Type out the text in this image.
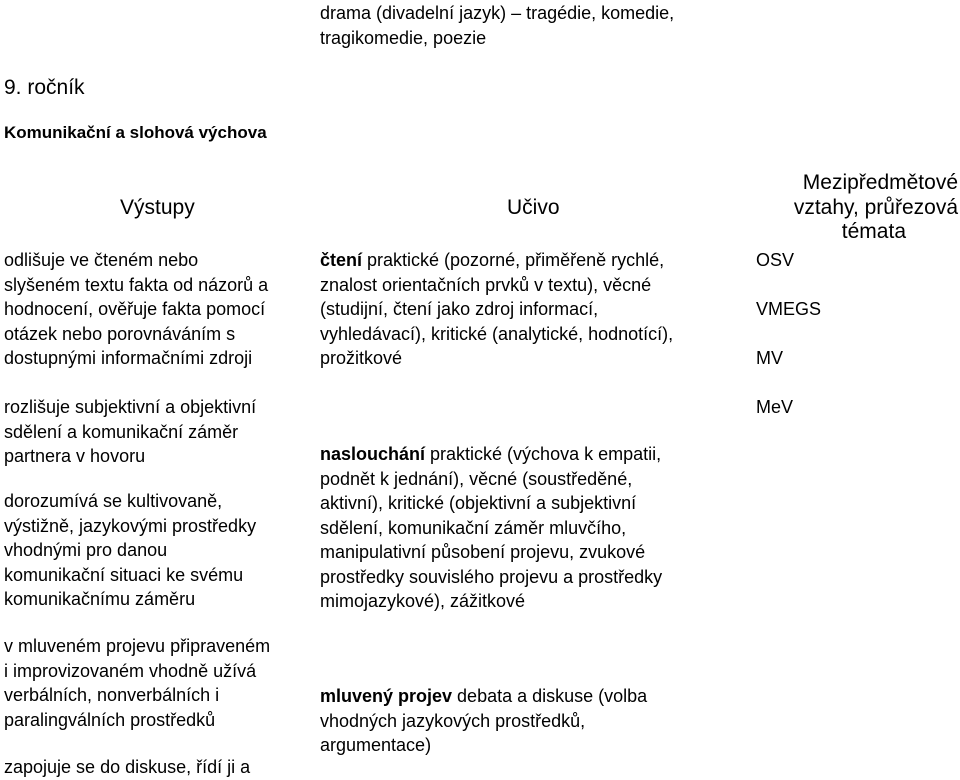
drama (divadelní jazyk) – tragédie, komedie,
tragikomedie, poezie
9. ročník
Komunikační a slohová výchova
Výstupy	Učivo
Mezipředmětové
vztahy, průřezová
témata
odlišuje ve čteném nebo
slyšeném textu fakta od názorů a
hodnocení, ověřuje fakta pomocí
otázek nebo porovnáváním s
dostupnými informačními zdroji
čtení praktické (pozorné, přiměřeně rychlé,
znalost orientačních prvků v textu), věcné
(studijní, čtení jako zdroj informací,
vyhledávací), kritické (analytické, hodnotící),
prožitkové
OSV
VMEGS
MV
rozlišuje subjektivní a objektivní
sdělení a komunikační záměr
partnera v hovoru
dorozumívá se kultivovaně,
výstižně, jazykovými prostředky
vhodnými pro danou
komunikační situaci ke svému
komunikačnímu záměru
naslouchání praktické (výchova k empatii,
podnět k jednání), věcné (soustředěné,
aktivní), kritické (objektivní a subjektivní
sdělení, komunikační záměr mluvčího,
manipulativní působení projevu, zvukové
prostředky souvislého projevu a prostředky
mimojazykové), zážitkové
MeV
v mluveném projevu připraveném
i improvizovaném vhodně užívá
verbálních, nonverbálních i
paralingválních prostředků
zapojuje se do diskuse, řídí ji a
mluvený projev debata a diskuse (volba
vhodných jazykových prostředků,
argumentace)
